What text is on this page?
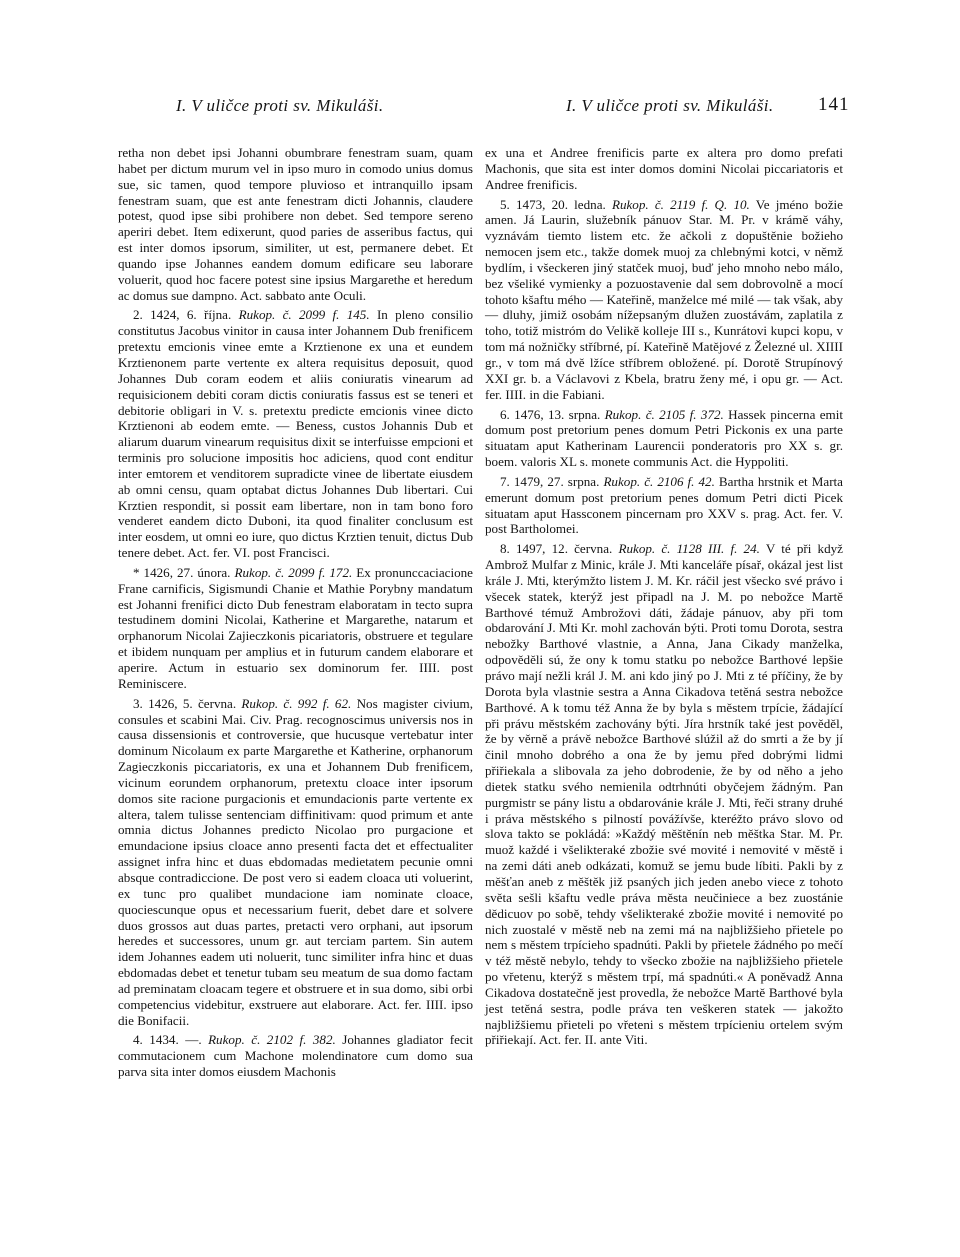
I. V uličce proti sv. Mikuláši.	I. V uličce proti sv. Mikuláši. 141

retha non debet ipsi Johanni obumbrare fenestram suam, quam habet per dictum murum vel in ipso muro in comodo unius domus sue, sic tamen, quod tempore pluvioso et intranquillo ipsam fenestram suam, que est ante fenestram dicti Johannis, claudere potest, quod ipse sibi prohibere non debet. Sed tempore sereno aperiri debet. Item edixerunt, quod paries de asseribus factus, qui est inter domos ipsorum, similiter, ut est, permanere debet. Et quando ipse Johannes eandem domum edificare seu laborare voluerit, quod hoc facere potest sine ipsius Margarethe et heredum ac domus sue dampno. Act. sabbato ante Oculi.

2. 1424, 6. října. Rukop. č. 2099 f. 145. In pleno consilio constitutus Jacobus vinitor in causa inter Johannem Dub frenificem pretextu emcionis vinee emte a Krztienone ex una et eundem Krztienonem parte vertente ex altera requisitus deposuit, quod Johannes Dub coram eodem et aliis coniuratis vinearum ad requisicionem debiti coram dictis coniuratis fassus est se teneri et debitorie obligari in V. s. pretextu predicte emcionis vinee dicto Krztienoni ab eodem emte. — Beness, custos Johannis Dub et aliarum duarum vinearum requisitus dixit se interfuisse empcioni et terminis pro solucione impositis hoc adiciens, quod cont enditur inter emtorem et venditorem supradicte vinee de libertate eiusdem ab omni censu, quam optabat dictus Johannes Dub libertari. Cui Krztien respondit, si possit eam libertare, non in tam bono foro venderet eandem dicto Duboni, ita quod finaliter conclusum est inter eosdem, ut omni eo iure, quo dictus Krztien tenuit, dictus Dub tenere debet. Act. fer. VI. post Francisci.

* 1426, 27. února. Rukop. č. 2099 f. 172. Ex pronunccaciacione Frane carnificis, Sigismundi Chanie et Mathie Porybny mandatum est Johanni frenifici dicto Dub fenestram elaboratam in tecto supra testudinem domini Nicolai, Katherine et Margarethe, natarum et orphanorum Nicolai Zajieczkonis picariatoris, obstruere et tegulare et ibidem nunquam per amplius et in futurum candem elaborare et aperire. Actum in estuario sex dominorum fer. IIII. post Reminiscere.

3. 1426, 5. června. Rukop. č. 992 f. 62. Nos magister civium, consules et scabini Mai. Civ. Prag. recognoscimus universis nos in causa dissensionis et controversie, que hucusque vertebatur inter dominum Nicolaum ex parte Margarethe et Katherine, orphanorum Zagieczkonis piccariatoris, ex una et Johannem Dub frenificem, vicinum eorundem orphanorum, pretextu cloace inter ipsorum domos site racione purgacionis et emundacionis parte vertente ex altera, talem tulisse sentenciam diffinitivam: quod primum et ante omnia dictus Johannes predicto Nicolao pro purgacione et emundacione ipsius cloace anno presenti facta det et effectualiter assignet infra hinc et duas ebdomadas medietatem pecunie omni absque contradiccione. De post vero si eadem cloaca uti voluerint, ex tunc pro qualibet mundacione iam nominate cloace, quociescunque opus et necessarium fuerit, debet dare et solvere duos grossos aut duas partes, pretacti vero orphani, aut ipsorum heredes et successores, unum gr. aut terciam partem. Sin autem idem Johannes eadem uti noluerit, tunc similiter infra hinc et duas ebdomadas debet et tenetur tubam seu meatum de sua domo factam ad preminatam cloacam tegere et obstruere et in sua domo, sibi orbi competencius videbitur, exstruere aut elaborare. Act. fer. IIII. ipso die Bonifacii.

4. 1434. —. Rukop. č. 2102 f. 382. Johannes gladiator fecit commutacionem cum Machone molendinatore cum domo sua parva sita inter domos eiusdem Machonis

ex una et Andree frenificis parte ex altera pro domo prefati Machonis, que sita est inter domos domini Nicolai piccariatoris et Andree frenificis.

5. 1473, 20. ledna. Rukop. č. 2119 f. Q. 10. Ve jméno božie amen. Já Laurin, služebník pánuov Star. M. Pr. v krámě váhy, vyznávám tiemto listem etc. že ačkoli z dopuštěnie božieho nemocen jsem etc., takže domek muoj za chlebnými kotci, v němž bydlím, i všeckeren jiný statček muoj, buď jeho mnoho nebo málo, bez všeliké vymienky a pozuostavenie dal sem dobrovolně a mocí tohoto kšaftu mého — Kateřině, manželce mé milé — tak však, aby — dluhy, jimiž osobám nížepsaným dlužen zuostávám, zaplatila z toho, totiž mistróm do Velikě kolleje III s., Kunrátovi kupci kopu, v tom má nožničky stříbrné, pí. Kateřině Matějové z Železné ul. XIIII gr., v tom má dvě lžíce stříbrem obložené. pí. Dorotě Strupínový XXI gr. b. a Václavovi z Kbela, bratru ženy mé, i opu gr. — Act. fer. IIII. in die Fabiani.

6. 1476, 13. srpna. Rukop. č. 2105 f. 372. Hassek pincerna emit domum post pretorium penes domum Petri Pickonis ex una parte situatam aput Katherinam Laurencii ponderatoris pro XX s. gr. boem. valoris XL s. monete communis Act. die Hyppoliti.

7. 1479, 27. srpna. Rukop. č. 2106 f. 42. Bartha hrstnik et Marta emerunt domum post pretorium penes domum Petri dicti Picek situatam aput Hassconem pincernam pro XXV s. prag. Act. fer. V. post Bartholomei.

8. 1497, 12. června. Rukop. č. 1128 III. f. 24. V té při když Ambrož Mulfar z Minic, krále J. Mti kanceláře písař, okázal jest list krále J. Mti, kterýmžto listem J. M. Kr. ráčil jest všecko své právo i všecek statek, kterýž jest připadl na J. M. po nebožce Martě Barthové témuž Ambrožovi dáti, žádaje pánuov, aby při tom obdarování J. Mti Kr. mohl zachován býti. Proti tomu Dorota, sestra nebožky Barthové vlastnie, a Anna, Jana Cikady manželka, odpověděli sú, že ony k tomu statku po nebožce Barthové lepšie právo mají nežli král J. M. ani kdo jiný po J. Mti z té příčiny, že by Dorota byla vlastnie sestra a Anna Cikadova tetěná sestra nebožce Barthové. A k tomu též Anna že by byla s městem trpície, žádající při právu městském zachovány býti. Jíra hrstník také jest pověděl, že by věrně a právě nebožce Barthové slúžil až do smrti a že by jí činil mnoho dobrého a ona že by jemu před dobrými lidmi přiřiekala a slibovala za jeho dobrodenie, že by od něho a jeho dietek statku svého nemienila odtrhnúti obyčejem žádným. Pan purgmistr se pány listu a obdarovánie krále J. Mti, řeči strany druhé i práva městského s pilností povážívše, kteréžto právo slovo od slova takto se pokládá: »Každý měštěnín neb měštka Star. M. Pr. muož každé i všelikteraké zbožie své movité i nemovité v městě i na zemi dáti aneb odkázati, komuž se jemu bude líbiti. Pakli by z měšťan aneb z měštěk již psaných jich jeden anebo viece z tohoto světa sešli kšaftu vedle práva města neučiniece a bez zuostánie dědicuov po sobě, tehdy všelikteraké zbožie movité i nemovité po nich zuostalé v městě neb na zemi má na najbližšieho přietele po nem s městem trpícieho spadnúti. Pakli by přietele žádného po mečí v též městě nebylo, tehdy to všecko zbožie na najbližšieho přietele po vřetenu, kterýž s městem trpí, má spadnúti.« A poněvadž Anna Cikadova dostatečně jest provedla, že nebožce Martě Barthové byla jest tetěná sestra, podle práva ten veškeren statek — jakožto najbližšiemu přieteli po vřeteni s městem trpícieniu ortelem svým přiřiekají. Act. fer. II. ante Viti.
